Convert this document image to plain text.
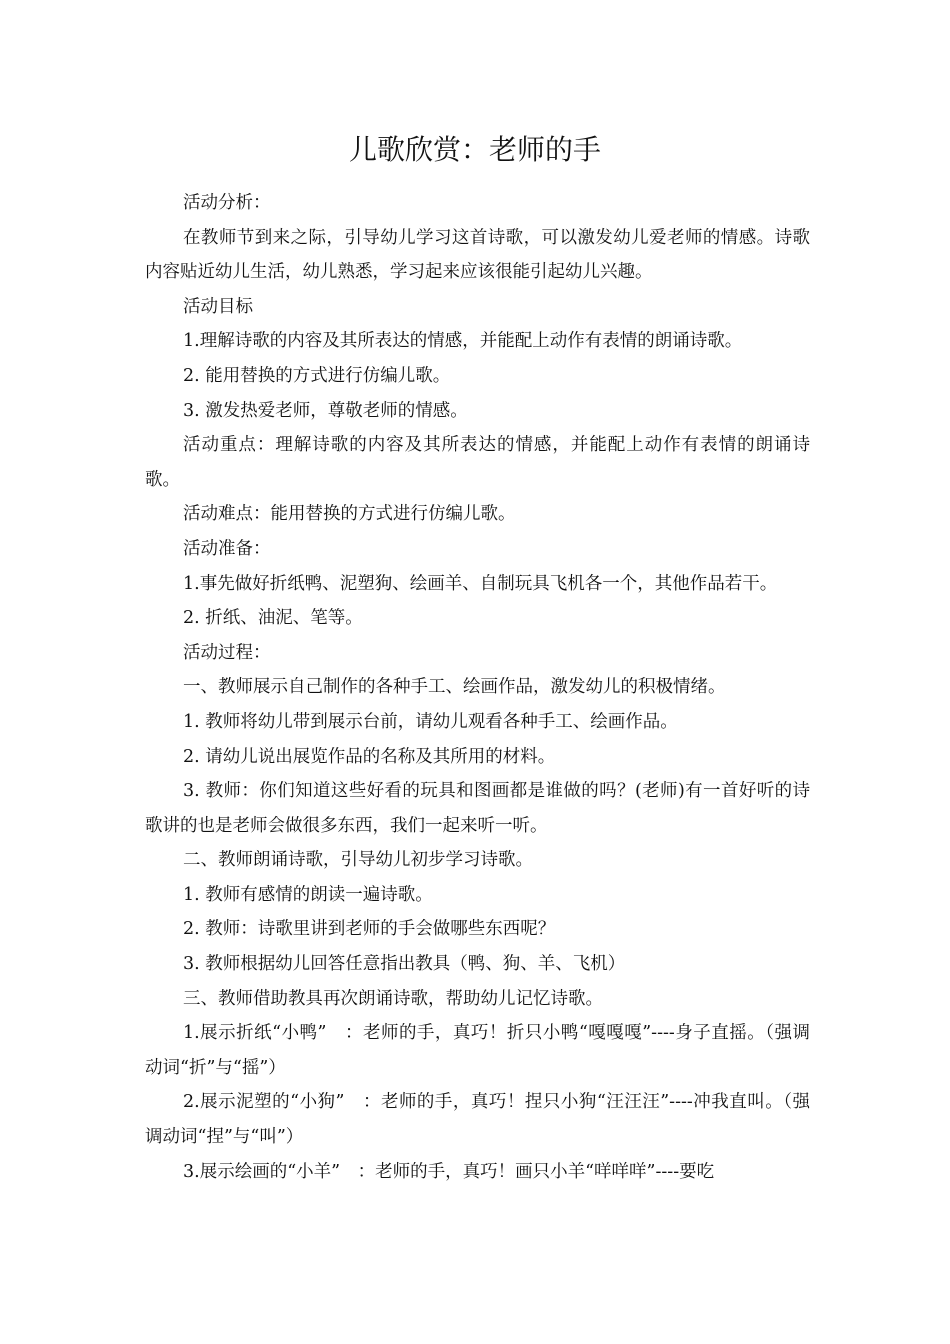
儿歌欣赏：老师的手

活动分析：

在教师节到来之际，引导幼儿学习这首诗歌，可以激发幼儿爱老师的情感。诗歌内容贴近幼儿生活，幼儿熟悉，学习起来应该很能引起幼儿兴趣。

活动目标

1.理解诗歌的内容及其所表达的情感，并能配上动作有表情的朗诵诗歌。

2. 能用替换的方式进行仿编儿歌。

3. 激发热爱老师，尊敬老师的情感。

活动重点：理解诗歌的内容及其所表达的情感，并能配上动作有表情的朗诵诗歌。

活动难点：能用替换的方式进行仿编儿歌。

活动准备：

1.事先做好折纸鸭、泥塑狗、绘画羊、自制玩具飞机各一个，其他作品若干。

2. 折纸、油泥、笔等。

活动过程：

一、教师展示自己制作的各种手工、绘画作品，激发幼儿的积极情绪。

1. 教师将幼儿带到展示台前，请幼儿观看各种手工、绘画作品。

2. 请幼儿说出展览作品的名称及其所用的材料。

3. 教师：你们知道这些好看的玩具和图画都是谁做的吗？(老师)有一首好听的诗歌讲的也是老师会做很多东西，我们一起来听一听。

二、教师朗诵诗歌，引导幼儿初步学习诗歌。

1. 教师有感情的朗读一遍诗歌。

2. 教师：诗歌里讲到老师的手会做哪些东西呢？

3. 教师根据幼儿回答任意指出教具（鸭、狗、羊、飞机）

三、教师借助教具再次朗诵诗歌，帮助幼儿记忆诗歌。

1.展示折纸“小鸭”　：老师的手，真巧！折只小鸭“嘎嘎嘎”----身子直摇。（强调动词“折”与“摇”）

2.展示泥塑的“小狗”　：老师的手，真巧！捏只小狗“汪汪汪”----冲我直叫。（强调动词“捏”与“叫”）

3.展示绘画的“小羊”　：老师的手，真巧！画只小羊“咩咩咩”----要吃
